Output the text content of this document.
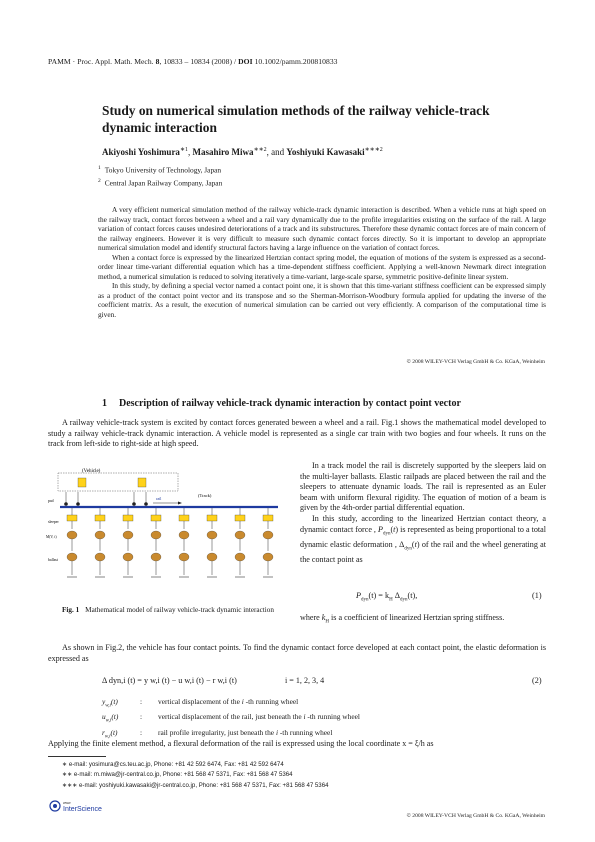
PAMM · Proc. Appl. Math. Mech. 8, 10833 – 10834 (2008) / DOI 10.1002/pamm.200810833
Study on numerical simulation methods of the railway vehicle-track dynamic interaction
Akiyoshi Yoshimura$^{∗1}$, Masahiro Miwa$^{∗∗2}$, and Yoshiyuki Kawasaki$^{∗∗∗2}$
$^1$ Tokyo University of Technology, Japan
$^2$ Central Japan Railway Company, Japan

A very efficient numerical simulation method of the railway vehicle-track dynamic interaction is described. When a vehicle runs at high speed on the railway track, contact forces between a wheel and a rail vary dynamically due to the profile irregularities existing on the surface of the rail. A large variation of contact forces causes undesired deteriorations of a track and its substructures. Therefore these dynamic contact forces are of main concern of the railway engineers. However it is very difficult to measure such dynamic contact forces directly. So it is important to develop an appropriate numerical simulation model and identify structural factors having a large influence on the variation of contact forces.

When a contact force is expressed by the linearized Hertzian contact spring model, the equation of motions of the system is expressed as a second-order linear time-variant differential equation which has a time-dependent stiffness coefficient. Applying a well-known Newmark direct integration method, a numerical simulation is reduced to solving iteratively a time-variant, large-scale sparse, symmetric positive-definite linear system.

In this study, by defining a special vector named a contact point one, it is shown that this time-variant stiffness coefficient can be expressed simply as a product of the contact point vector and its transpose and so the Sherman-Morrison-Woodbury formula applied for updating the inverse of the coefficient matrix. As a result, the execution of numerical simulation can be carried out very efficiently. A comparison of the computational time is given.

© 2008 WILEY-VCH Verlag GmbH & Co. KGaA, Weinheim
1 Description of railway vehicle-track dynamic interaction by contact point vector
A railway vehicle-track system is excited by contact forces generated beween a wheel and a rail. Fig.1 shows the mathematical model developed to study a railway vehicle-track dynamic interaction. A vehicle model is represented as a single car train with two bogies and four wheels. It runs on the track from left-side to right-side at high speed.
(Vehicle)
(Track)
rail
pad
sleeper
ballast
M(V, t)
Fig. 1 Mathematical model of railway vehicle-track dynamic interaction

In a track model the rail is discretely supported by the sleepers laid on the multi-layer ballasts. Elastic railpads are placed between the rail and the sleepers to attenuate dynamic loads. The rail is represented as an Euler beam with uniform flexural rigidity. The equation of motion of a beam is given by the 4th-order partial differential equation.

In this study, according to the linearized Hertzian contact theory, a dynamic contact force , $P_{dyn}(t)$ is represented as being proportional to a total dynamic elastic deformation , $\Delta_{dyn}(t)$ of the rail and the wheel generating at the contact point as

$P_{dyn}(t) = k_H$ $\Delta_{dyn}(t)$,	(1)
where $k_H$ is a coefficient of linearized Hertzian spring stiffness.
As shown in Fig.2, the vehicle has four contact points. To find the dynamic contact force developed at each contact point, the elastic deformation is expressed as
Δ dyn,i (t) = y w,i (t) − u w,i (t) − r w,i (t)	i = 1, 2, 3, 4	(2)
$y_{w,i}(t)$	:	vertical displacement of the i -th running wheel
$u_{w,i}(t)$	:	vertical displacement of the rail, just beneath the i -th running wheel
$r_{w,i}(t)$	:	rail profile irregularity, just beneath the i -th running wheel
Applying the finite element method, a flexural deformation of the rail is expressed using the local coordinate x = ξ/h as
∗ e-mail: yosimura@cs.teu.ac.jp, Phone: +81 42 592 6474, Fax: +81 42 592 6474
∗∗ e-mail: m.miwa@jr-central.co.jp, Phone: +81 568 47 5371, Fax: +81 568 47 5364
∗∗∗ e-mail: yoshiyuki.kawasaki@jr-central.co.jp, Phone: +81 568 47 5371, Fax: +81 568 47 5364
www
InterScience
© 2008 WILEY-VCH Verlag GmbH & Co. KGaA, Weinheim
